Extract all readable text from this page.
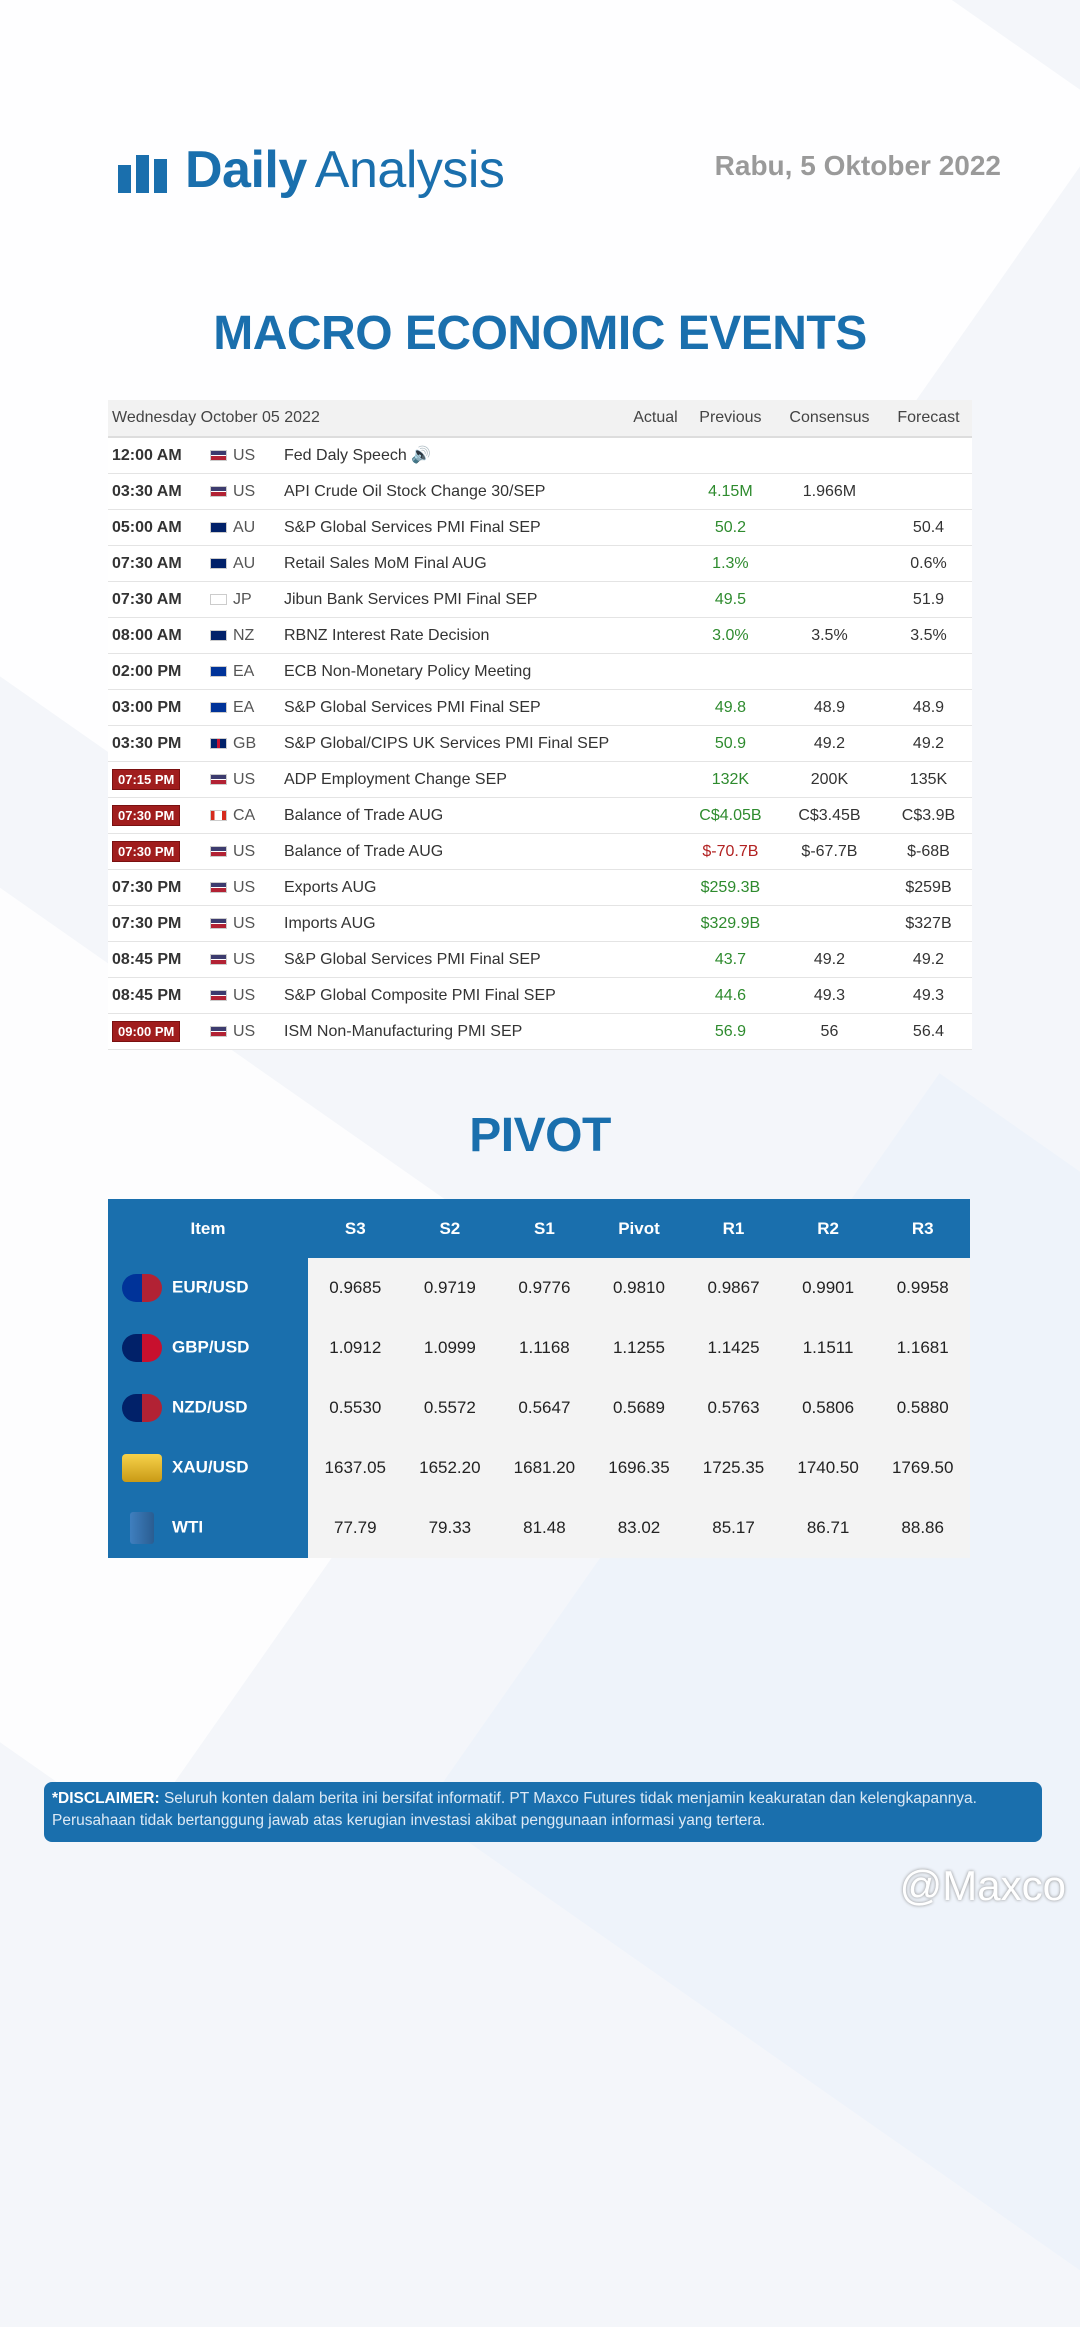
Daily Analysis	Rabu, 5 Oktober 2022
MACRO ECONOMIC EVENTS
Wednesday October 05 2022			Actual	Previous	Consensus	Forecast
12:00 AM	US	Fed Daly Speech 🔊				
03:30 AM	US	API Crude Oil Stock Change 30/SEP		4.15M	1.966M	
05:00 AM	AU	S&P Global Services PMI Final SEP		50.2		50.4
07:30 AM	AU	Retail Sales MoM Final AUG		1.3%		0.6%
07:30 AM	JP	Jibun Bank Services PMI Final SEP		49.5		51.9
08:00 AM	NZ	RBNZ Interest Rate Decision		3.0%	3.5%	3.5%
02:00 PM	EA	ECB Non-Monetary Policy Meeting				
03:00 PM	EA	S&P Global Services PMI Final SEP		49.8	48.9	48.9
03:30 PM	GB	S&P Global/CIPS UK Services PMI Final SEP		50.9	49.2	49.2
07:15 PM	US	ADP Employment Change SEP		132K	200K	135K
07:30 PM	CA	Balance of Trade AUG		C$4.05B	C$3.45B	C$3.9B
07:30 PM	US	Balance of Trade AUG		$-70.7B	$-67.7B	$-68B
07:30 PM	US	Exports AUG		$259.3B		$259B
07:30 PM	US	Imports AUG		$329.9B		$327B
08:45 PM	US	S&P Global Services PMI Final SEP		43.7	49.2	49.2
08:45 PM	US	S&P Global Composite PMI Final SEP		44.6	49.3	49.3
09:00 PM	US	ISM Non-Manufacturing PMI SEP		56.9	56	56.4
PIVOT
Item	S3	S2	S1	Pivot	R1	R2	R3
EUR/USD	0.9685	0.9719	0.9776	0.9810	0.9867	0.9901	0.9958
GBP/USD	1.0912	1.0999	1.1168	1.1255	1.1425	1.1511	1.1681
NZD/USD	0.5530	0.5572	0.5647	0.5689	0.5763	0.5806	0.5880
XAU/USD	1637.05	1652.20	1681.20	1696.35	1725.35	1740.50	1769.50
WTI	77.79	79.33	81.48	83.02	85.17	86.71	88.86
*DISCLAIMER: Seluruh konten dalam berita ini bersifat informatif. PT Maxco Futures tidak menjamin keakuratan dan kelengkapannya. Perusahaan tidak bertanggung jawab atas kerugian investasi akibat penggunaan informasi yang tertera.
@Maxco
